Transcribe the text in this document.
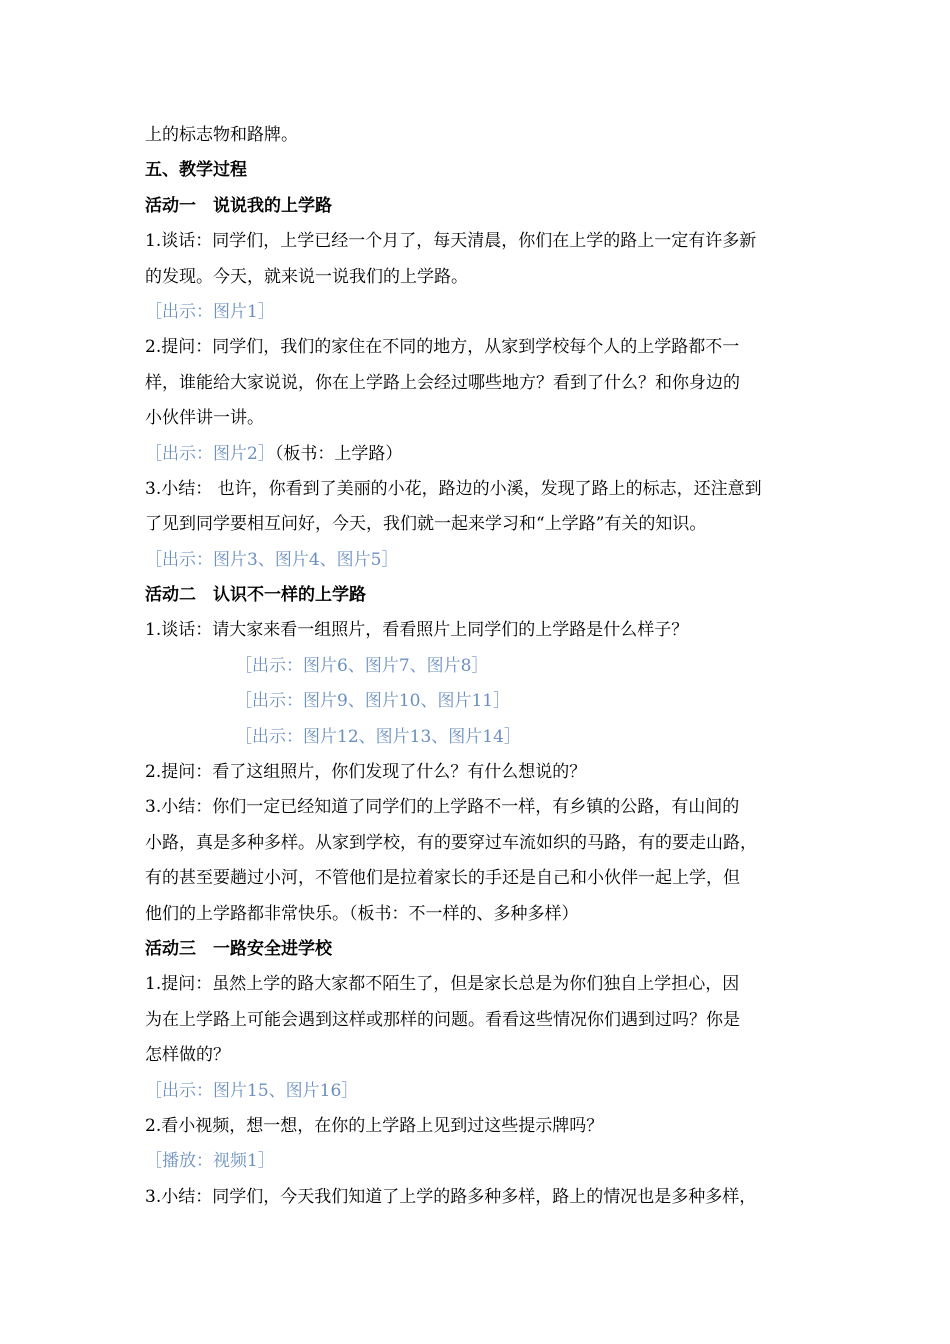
上的标志物和路牌。
五、教学过程
活动一　说说我的上学路
1.谈话：同学们，上学已经一个月了，每天清晨，你们在上学的路上一定有许多新
的发现。今天，就来说一说我们的上学路。
［出示：图片1］
2.提问：同学们，我们的家住在不同的地方，从家到学校每个人的上学路都不一
样，谁能给大家说说，你在上学路上会经过哪些地方？看到了什么？和你身边的
小伙伴讲一讲。
［出示：图片2］（板书：上学路）
3.小结： 也许，你看到了美丽的小花，路边的小溪，发现了路上的标志，还注意到
了见到同学要相互问好，今天，我们就一起来学习和“上学路”有关的知识。
［出示：图片3、图片4、图片5］
活动二　认识不一样的上学路
1.谈话：请大家来看一组照片，看看照片上同学们的上学路是什么样子？
［出示：图片6、图片7、图片8］
［出示：图片9、图片10、图片11］
［出示：图片12、图片13、图片14］
2.提问：看了这组照片，你们发现了什么？有什么想说的？
3.小结：你们一定已经知道了同学们的上学路不一样，有乡镇的公路，有山间的
小路，真是多种多样。从家到学校，有的要穿过车流如织的马路，有的要走山路，
有的甚至要趟过小河，不管他们是拉着家长的手还是自己和小伙伴一起上学，但
他们的上学路都非常快乐。（板书：不一样的、多种多样）
活动三　一路安全进学校
1.提问：虽然上学的路大家都不陌生了，但是家长总是为你们独自上学担心，因
为在上学路上可能会遇到这样或那样的问题。看看这些情况你们遇到过吗？你是
怎样做的？
［出示：图片15、图片16］
2.看小视频，想一想，在你的上学路上见到过这些提示牌吗？
［播放：视频1］
3.小结：同学们，今天我们知道了上学的路多种多样，路上的情况也是多种多样，
